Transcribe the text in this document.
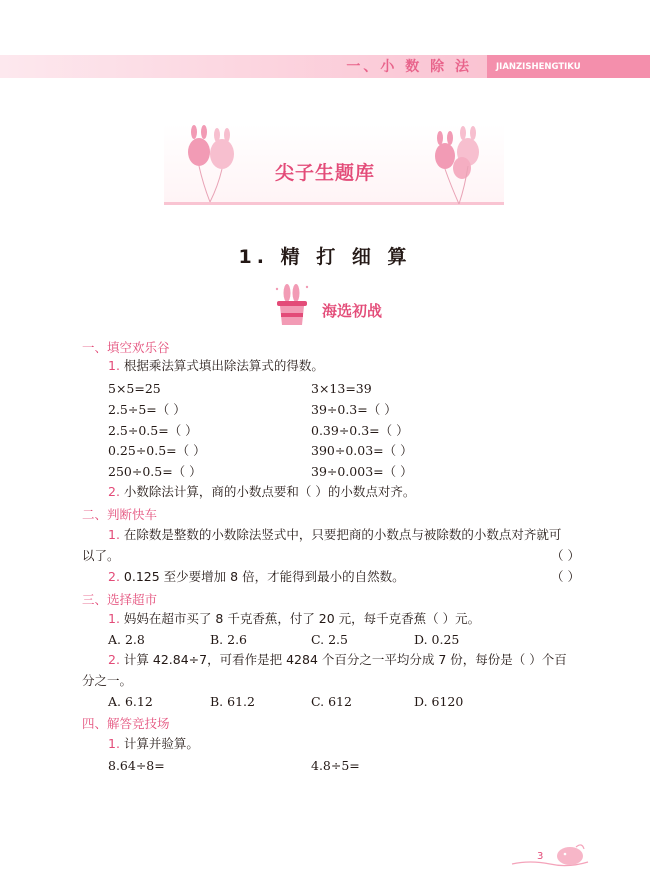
一、小 数 除 法	JIANZISHENGTIKU
尖子生题库
1. 精 打 细 算
海选初战
一、填空欢乐谷
1. 根据乘法算式填出除法算式的得数。
5×5=25	3×13=39
2.5÷5=（ ）	39÷0.3=（ ）
2.5÷0.5=（ ）	0.39÷0.3=（ ）
0.25÷0.5=（ ）	390÷0.03=（ ）
250÷0.5=（ ）	39÷0.003=（ ）
2. 小数除法计算，商的小数点要和（ ）的小数点对齐。
二、判断快车
1. 在除数是整数的小数除法竖式中，只要把商的小数点与被除数的小数点对齐就可
以了。	（ ）
2. 0.125 至少要增加 8 倍，才能得到最小的自然数。	（ ）
三、选择超市
1. 妈妈在超市买了 8 千克香蕉，付了 20 元，每千克香蕉（ ）元。
A. 2.8	B. 2.6	C. 2.5	D. 0.25
2. 计算 42.84÷7，可看作是把 4284 个百分之一平均分成 7 份，每份是（ ）个百
分之一。
A. 6.12	B. 61.2	C. 612	D. 6120
四、解答竞技场
1. 计算并验算。
8.64÷8=	4.8÷5=
3
